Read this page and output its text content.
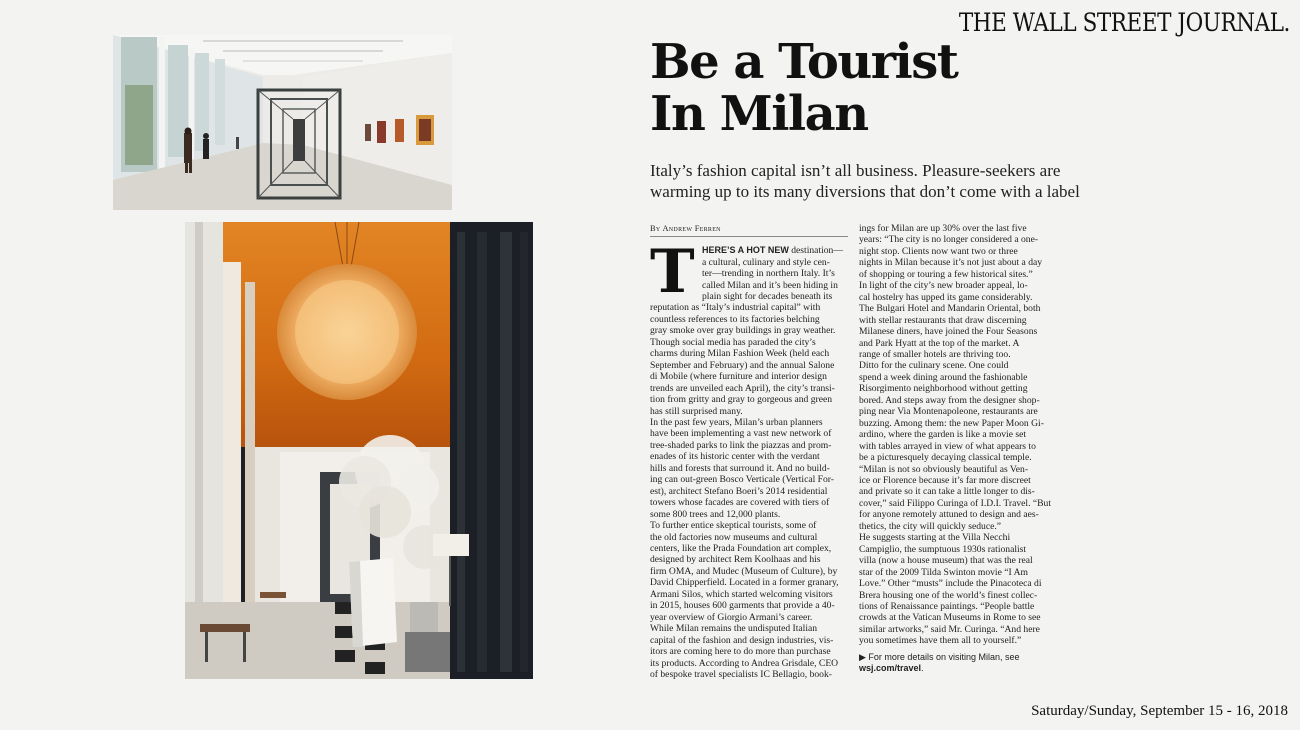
THE WALL STREET JOURNAL.
Be a Tourist
In Milan

Italy’s fashion capital isn’t all business. Pleasure-seekers are
warming up to its many diversions that don’t come with a label

By Andrew Ferren
T HERE’S A HOT NEW destination—
a cultural, culinary and style cen-
ter—trending in northern Italy. It’s
called Milan and it’s been hiding in
plain sight for decades beneath its
reputation as “Italy’s industrial capital” with
countless references to its factories belching
gray smoke over gray buildings in gray weather.
Though social media has paraded the city’s
charms during Milan Fashion Week (held each
September and February) and the annual Salone
di Mobile (where furniture and interior design
trends are unveiled each April), the city’s transi-
tion from gritty and gray to gorgeous and green
has still surprised many.
In the past few years, Milan’s urban planners
have been implementing a vast new network of
tree-shaded parks to link the piazzas and prom-
enades of its historic center with the verdant
hills and forests that surround it. And no build-
ing can out-green Bosco Verticale (Vertical For-
est), architect Stefano Boeri’s 2014 residential
towers whose facades are covered with tiers of
some 800 trees and 12,000 plants.
To further entice skeptical tourists, some of
the old factories now museums and cultural
centers, like the Prada Foundation art complex,
designed by architect Rem Koolhaas and his
firm OMA, and Mudec (Museum of Culture), by
David Chipperfield. Located in a former granary,
Armani Silos, which started welcoming visitors
in 2015, houses 600 garments that provide a 40-
year overview of Giorgio Armani’s career.
While Milan remains the undisputed Italian
capital of the fashion and design industries, vis-
itors are coming here to do more than purchase
its products. According to Andrea Grisdale, CEO
of bespoke travel specialists IC Bellagio, book-
ings for Milan are up 30% over the last five
years: “The city is no longer considered a one-
night stop. Clients now want two or three
nights in Milan because it’s not just about a day
of shopping or touring a few historical sites.”
In light of the city’s new broader appeal, lo-
cal hostelry has upped its game considerably.
The Bulgari Hotel and Mandarin Oriental, both
with stellar restaurants that draw discerning
Milanese diners, have joined the Four Seasons
and Park Hyatt at the top of the market. A
range of smaller hotels are thriving too.
Ditto for the culinary scene. One could
spend a week dining around the fashionable
Risorgimento neighborhood without getting
bored. And steps away from the designer shop-
ping near Via Montenapoleone, restaurants are
buzzing. Among them: the new Paper Moon Gi-
ardino, where the garden is like a movie set
with tables arrayed in view of what appears to
be a picturesquely decaying classical temple.
“Milan is not so obviously beautiful as Ven-
ice or Florence because it’s far more discreet
and private so it can take a little longer to dis-
cover,” said Filippo Curinga of I.D.I. Travel. “But
for anyone remotely attuned to design and aes-
thetics, the city will quickly seduce.”
He suggests starting at the Villa Necchi
Campiglio, the sumptuous 1930s rationalist
villa (now a house museum) that was the real
star of the 2009 Tilda Swinton movie “I Am
Love.” Other “musts” include the Pinacoteca di
Brera housing one of the world’s finest collec-
tions of Renaissance paintings. “People battle
crowds at the Vatican Museums in Rome to see
similar artworks,” said Mr. Curinga. “And here
you sometimes have them all to yourself.”
▶ For more details on visiting Milan, see
wsj.com/travel.
Saturday/Sunday, September 15 - 16, 2018
